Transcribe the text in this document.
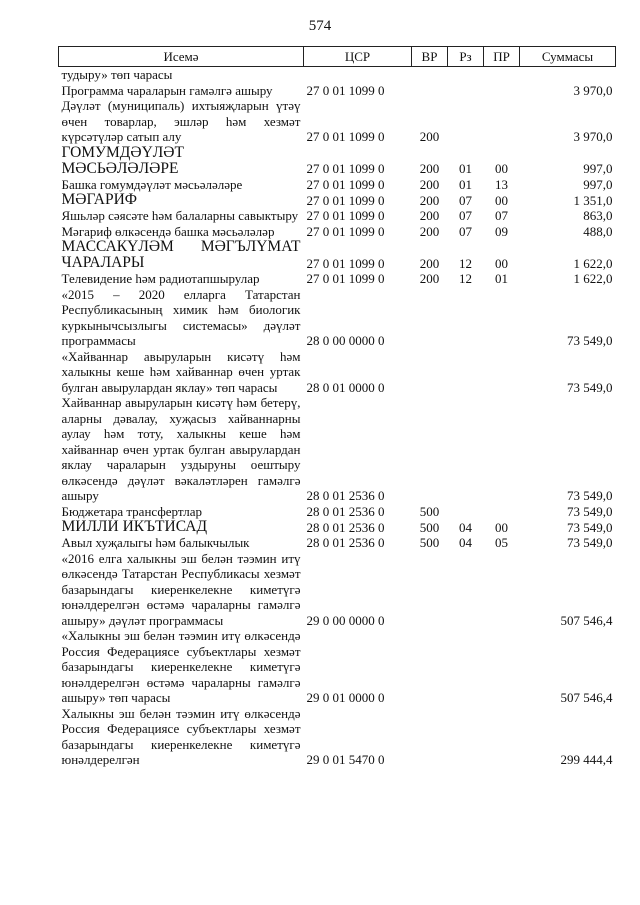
574
Исемә	ЦСР	ВР	Рз	ПР	Суммасы
тудыру» төп чарасы					
Программа чараларын гамәлгә ашыру	27 0 01 1099 0				3 970,0
Дәүләт (муниципаль) ихтыяҗларын үтәү өчен товарлар, эшләр һәм хезмәт күрсәтүләр сатып алу	27 0 01 1099 0	200			3 970,0
ГОМУМДӘҮЛӘТ МӘСЬӘЛӘЛӘРЕ	27 0 01 1099 0	200	01	00	997,0
Башка гомумдәүләт мәсьәләләре	27 0 01 1099 0	200	01	13	997,0
МӘГАРИФ	27 0 01 1099 0	200	07	00	1 351,0
Яшьләр сәясәте һәм балаларны савыктыру	27 0 01 1099 0	200	07	07	863,0
Мәгариф өлкәсендә башка мәсьәләләр	27 0 01 1099 0	200	07	09	488,0
МАССАКҮЛӘМ МӘГЪЛҮМАТ ЧАРАЛАРЫ	27 0 01 1099 0	200	12	00	1 622,0
Телевидение һәм радиотапшырулар	27 0 01 1099 0	200	12	01	1 622,0
«2015 – 2020 елларга Татарстан Республикасының химик һәм биологик куркынычсызлыгы системасы» дәүләт программасы	28 0 00 0000 0				73 549,0
«Хайваннар авыруларын кисәтү һәм халыкны кеше һәм хайваннар өчен уртак булган авырулардан яклау» төп чарасы	28 0 01 0000 0				73 549,0
Хайваннар авыруларын кисәтү һәм бетерү, аларны дәвалау, хуҗасыз хайваннарны аулау һәм тоту, халыкны кеше һәм хайваннар өчен уртак булган авырулардан яклау чараларын уздыруны оештыру өлкәсендә дәүләт вәкаләтләрен гамәлгә ашыру	28 0 01 2536 0				73 549,0
Бюджетара трансфертлар	28 0 01 2536 0	500			73 549,0
МИЛЛИ ИКЪТИСАД	28 0 01 2536 0	500	04	00	73 549,0
Авыл хуҗалыгы һәм балыкчылык	28 0 01 2536 0	500	04	05	73 549,0
«2016 елга халыкны эш белән тәэмин итү өлкәсендә Татарстан Республикасы хезмәт базарындагы киеренкелекне киметүгә юнәлдерелгән өстәмә чараларны гамәлгә ашыру» дәүләт программасы	29 0 00 0000 0				507 546,4
«Халыкны эш белән тәэмин итү өлкәсендә Россия Федерациясе субъектлары хезмәт базарындагы киеренкелекне киметүгә юнәлдерелгән өстәмә чараларны гамәлгә ашыру» төп чарасы	29 0 01 0000 0				507 546,4
Халыкны эш белән тәэмин итү өлкәсендә Россия Федерациясе субъектлары хезмәт базарындагы киеренкелекне киметүгә юнәлдерелгән	29 0 01 5470 0				299 444,4
